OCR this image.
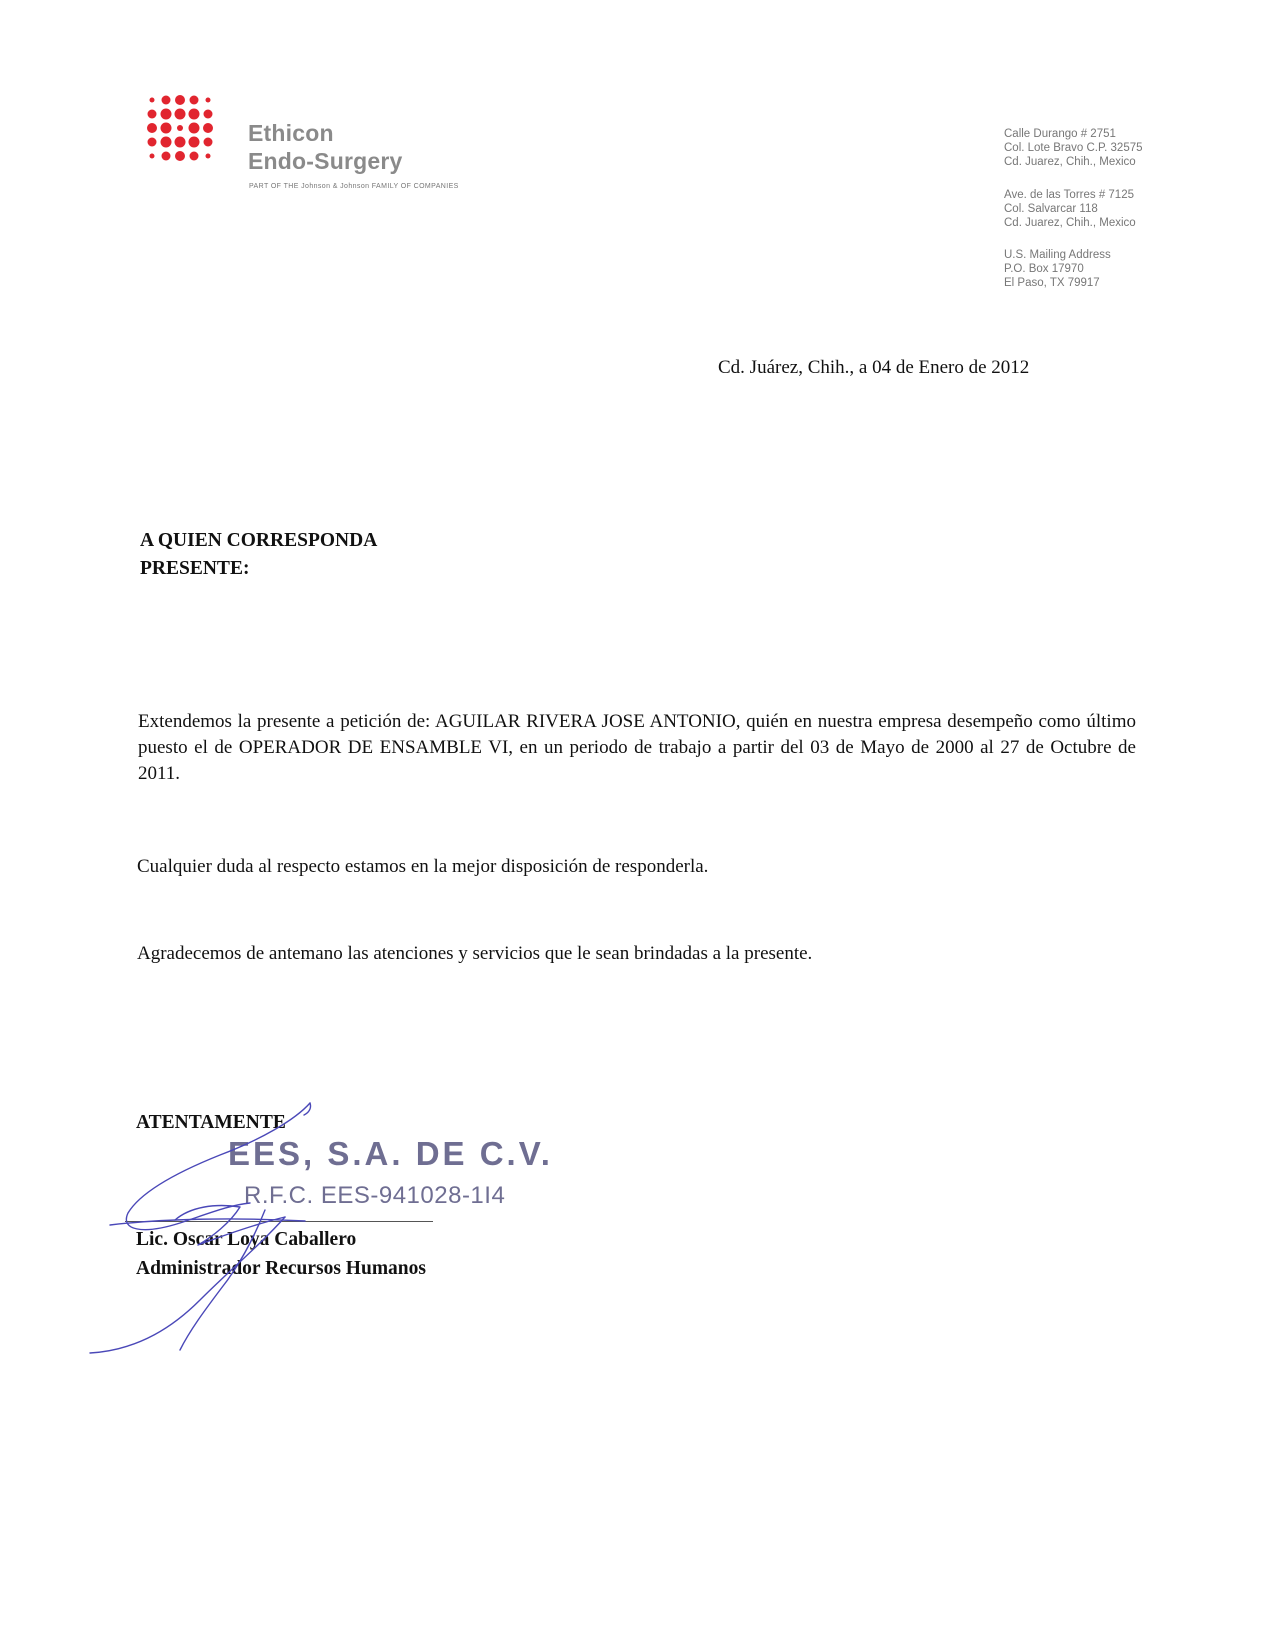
Ethicon
Endo-Surgery
PART OF THE Johnson & Johnson FAMILY OF COMPANIES
Calle Durango # 2751
Col. Lote Bravo C.P. 32575
Cd. Juarez, Chih., Mexico
Ave. de las Torres # 7125
Col. Salvarcar 118
Cd. Juarez, Chih., Mexico
U.S. Mailing Address
P.O. Box 17970
El Paso, TX 79917
Cd. Juárez, Chih., a 04 de Enero de 2012
A QUIEN CORRESPONDA
PRESENTE:
Extendemos la presente a petición de: AGUILAR RIVERA JOSE ANTONIO, quién en nuestra empresa desempeño como último puesto el de OPERADOR DE ENSAMBLE VI, en un periodo de trabajo a partir del 03 de Mayo de 2000 al 27 de Octubre de 2011.
Cualquier duda al respecto estamos en la mejor disposición de responderla.
Agradecemos de antemano las atenciones y servicios que le sean brindadas a la presente.
ATENTAMENTE
EES, S.A. DE C.V.
R.F.C. EES-941028-1I4
Lic. Oscar Loya Caballero
Administrador Recursos Humanos
